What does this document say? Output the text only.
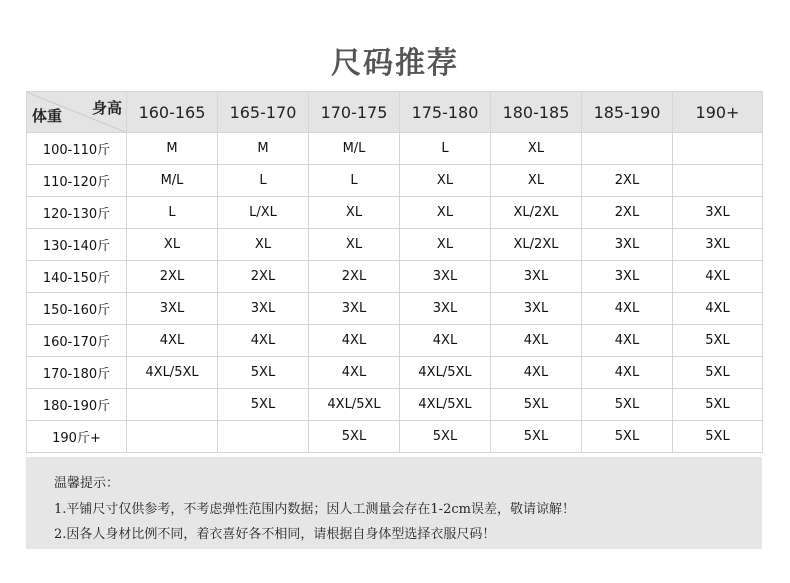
尺码推荐
身高
体重	160-165	165-170	170-175	175-180	180-185	185-190	190+
100-110斤	M	M	M/L	L	XL		
110-120斤	M/L	L	L	XL	XL	2XL	
120-130斤	L	L/XL	XL	XL	XL/2XL	2XL	3XL
130-140斤	XL	XL	XL	XL	XL/2XL	3XL	3XL
140-150斤	2XL	2XL	2XL	3XL	3XL	3XL	4XL
150-160斤	3XL	3XL	3XL	3XL	3XL	4XL	4XL
160-170斤	4XL	4XL	4XL	4XL	4XL	4XL	5XL
170-180斤	4XL/5XL	5XL	4XL	4XL/5XL	4XL	4XL	5XL
180-190斤		5XL	4XL/5XL	4XL/5XL	5XL	5XL	5XL
190斤+			5XL	5XL	5XL	5XL	5XL
温馨提示：
1.平铺尺寸仅供参考，不考虑弹性范围内数据；因人工测量会存在1-2cm误差，敬请谅解！
2.因各人身材比例不同，着衣喜好各不相同，请根据自身体型选择衣服尺码！
